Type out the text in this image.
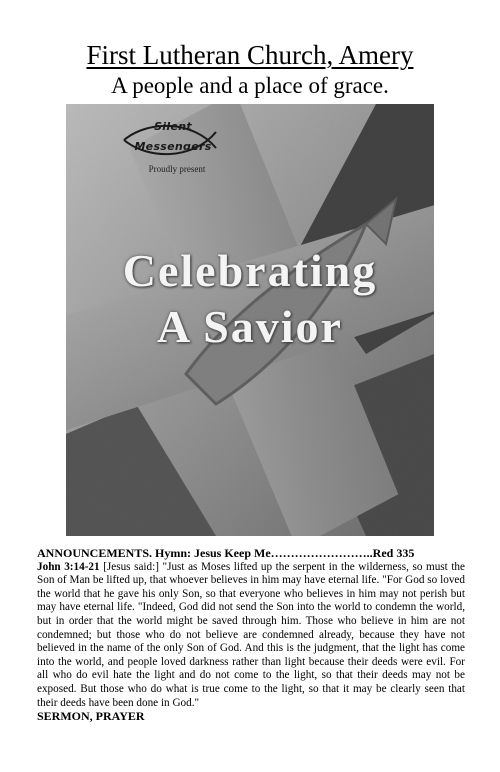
First Lutheran Church, Amery
A people and a place of grace.
Silent
Messengers
Proudly present
Celebrating
A Savior
ANNOUNCEMENTS. Hymn: Jesus Keep Me……………………..Red 335

John 3:14-21 [Jesus said:] "Just as Moses lifted up the serpent in the wilderness, so must the Son of Man be lifted up, that whoever believes in him may have eternal life. "For God so loved the world that he gave his only Son, so that everyone who believes in him may not perish but may have eternal life. "Indeed, God did not send the Son into the world to condemn the world, but in order that the world might be saved through him. Those who believe in him are not condemned; but those who do not believe are condemned already, because they have not believed in the name of the only Son of God. And this is the judgment, that the light has come into the world, and people loved darkness rather than light because their deeds were evil. For all who do evil hate the light and do not come to the light, so that their deeds may not be exposed. But those who do what is true come to the light, so that it may be clearly seen that their deeds have been done in God."

SERMON, PRAYER
